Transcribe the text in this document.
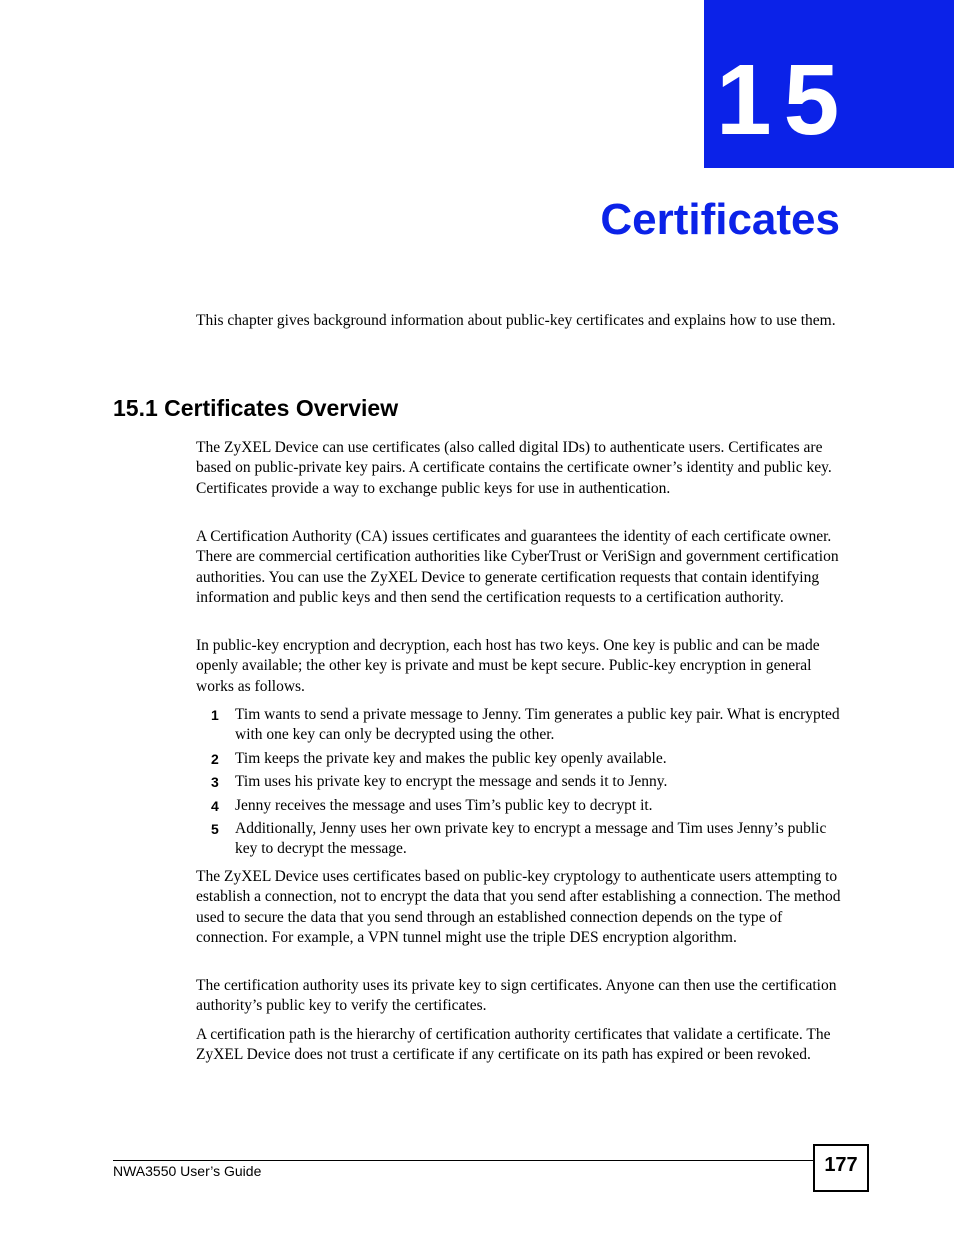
15
Certificates

This chapter gives background information about public-key certificates and explains how to use them.

15.1 Certificates Overview

The ZyXEL Device can use certificates (also called digital IDs) to authenticate users. Certificates are based on public-private key pairs. A certificate contains the certificate owner’s identity and public key. Certificates provide a way to exchange public keys for use in authentication.

A Certification Authority (CA) issues certificates and guarantees the identity of each certificate owner. There are commercial certification authorities like CyberTrust or VeriSign and government certification authorities. You can use the ZyXEL Device to generate certification requests that contain identifying information and public keys and then send the certification requests to a certification authority.

In public-key encryption and decryption, each host has two keys. One key is public and can be made openly available; the other key is private and must be kept secure. Public-key encryption in general works as follows.

1 Tim wants to send a private message to Jenny. Tim generates a public key pair. What is encrypted with one key can only be decrypted using the other.
2 Tim keeps the private key and makes the public key openly available.
3 Tim uses his private key to encrypt the message and sends it to Jenny.
4 Jenny receives the message and uses Tim’s public key to decrypt it.
5 Additionally, Jenny uses her own private key to encrypt a message and Tim uses Jenny’s public key to decrypt the message.

The ZyXEL Device uses certificates based on public-key cryptology to authenticate users attempting to establish a connection, not to encrypt the data that you send after establishing a connection. The method used to secure the data that you send through an established connection depends on the type of connection. For example, a VPN tunnel might use the triple DES encryption algorithm.

The certification authority uses its private key to sign certificates. Anyone can then use the certification authority’s public key to verify the certificates.

A certification path is the hierarchy of certification authority certificates that validate a certificate. The ZyXEL Device does not trust a certificate if any certificate on its path has expired or been revoked.

NWA3550 User’s Guide	177
